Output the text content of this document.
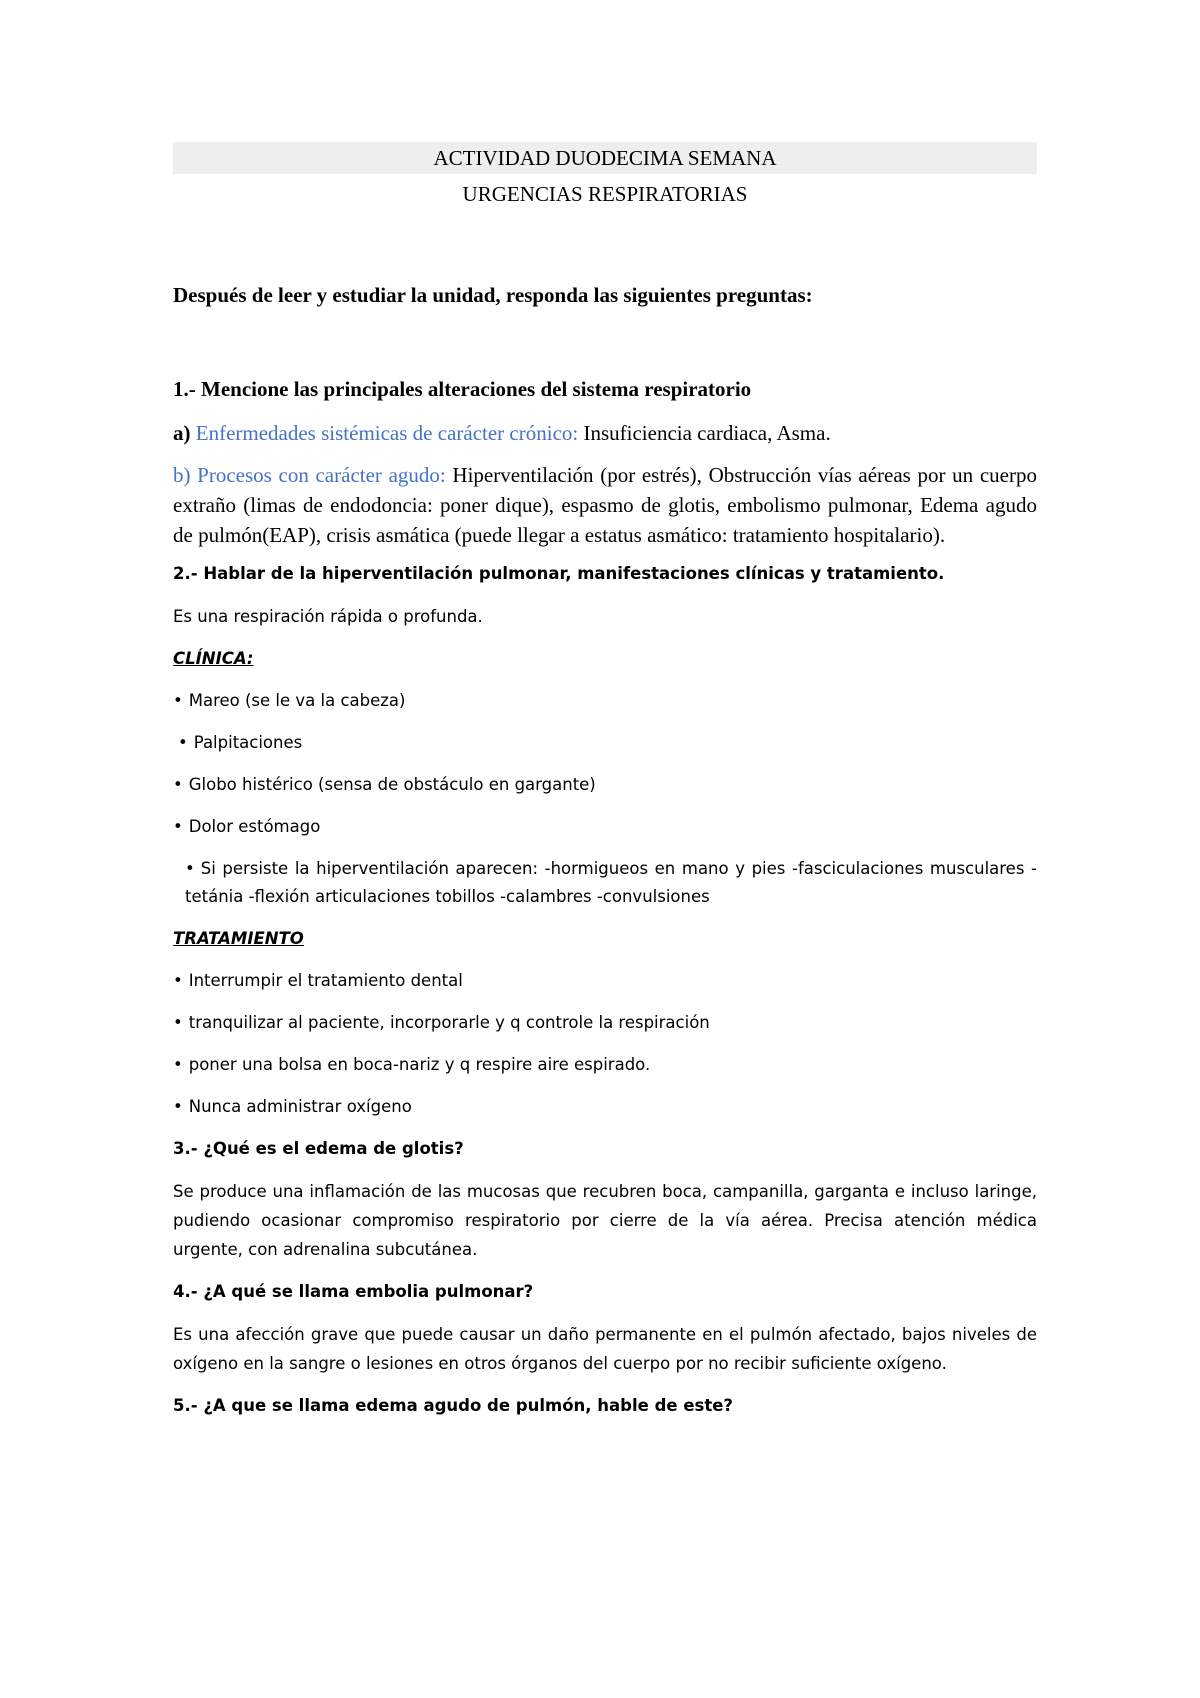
ACTIVIDAD DUODECIMA SEMANA
URGENCIAS RESPIRATORIAS
Después de leer y estudiar la unidad, responda las siguientes preguntas:
1.- Mencione las principales alteraciones del sistema respiratorio
a) Enfermedades sistémicas de carácter crónico: Insuficiencia cardiaca, Asma.
b) Procesos con carácter agudo: Hiperventilación (por estrés), Obstrucción vías aéreas por un cuerpo extraño (limas de endodoncia: poner dique), espasmo de glotis, embolismo pulmonar, Edema agudo de pulmón(EAP), crisis asmática (puede llegar a estatus asmático: tratamiento hospitalario).
2.- Hablar de la hiperventilación pulmonar, manifestaciones clínicas y tratamiento.
Es una respiración rápida o profunda.
CLÍNICA:
• Mareo (se le va la cabeza)
• Palpitaciones
• Globo histérico (sensa de obstáculo en gargante)
• Dolor estómago
• Si persiste la hiperventilación aparecen: -hormigueos en mano y pies -fasciculaciones musculares -tetánia -flexión articulaciones tobillos -calambres -convulsiones
TRATAMIENTO
• Interrumpir el tratamiento dental
• tranquilizar al paciente, incorporarle y q controle la respiración
• poner una bolsa en boca-nariz y q respire aire espirado.
• Nunca administrar oxígeno
3.- ¿Qué es el edema de glotis?
Se produce una inflamación de las mucosas que recubren boca, campanilla, garganta e incluso laringe, pudiendo ocasionar compromiso respiratorio por cierre de la vía aérea. Precisa atención médica urgente, con adrenalina subcutánea.
4.- ¿A qué se llama embolia pulmonar?
Es una afección grave que puede causar un daño permanente en el pulmón afectado, bajos niveles de oxígeno en la sangre o lesiones en otros órganos del cuerpo por no recibir suficiente oxígeno.
5.- ¿A que se llama edema agudo de pulmón, hable de este?
